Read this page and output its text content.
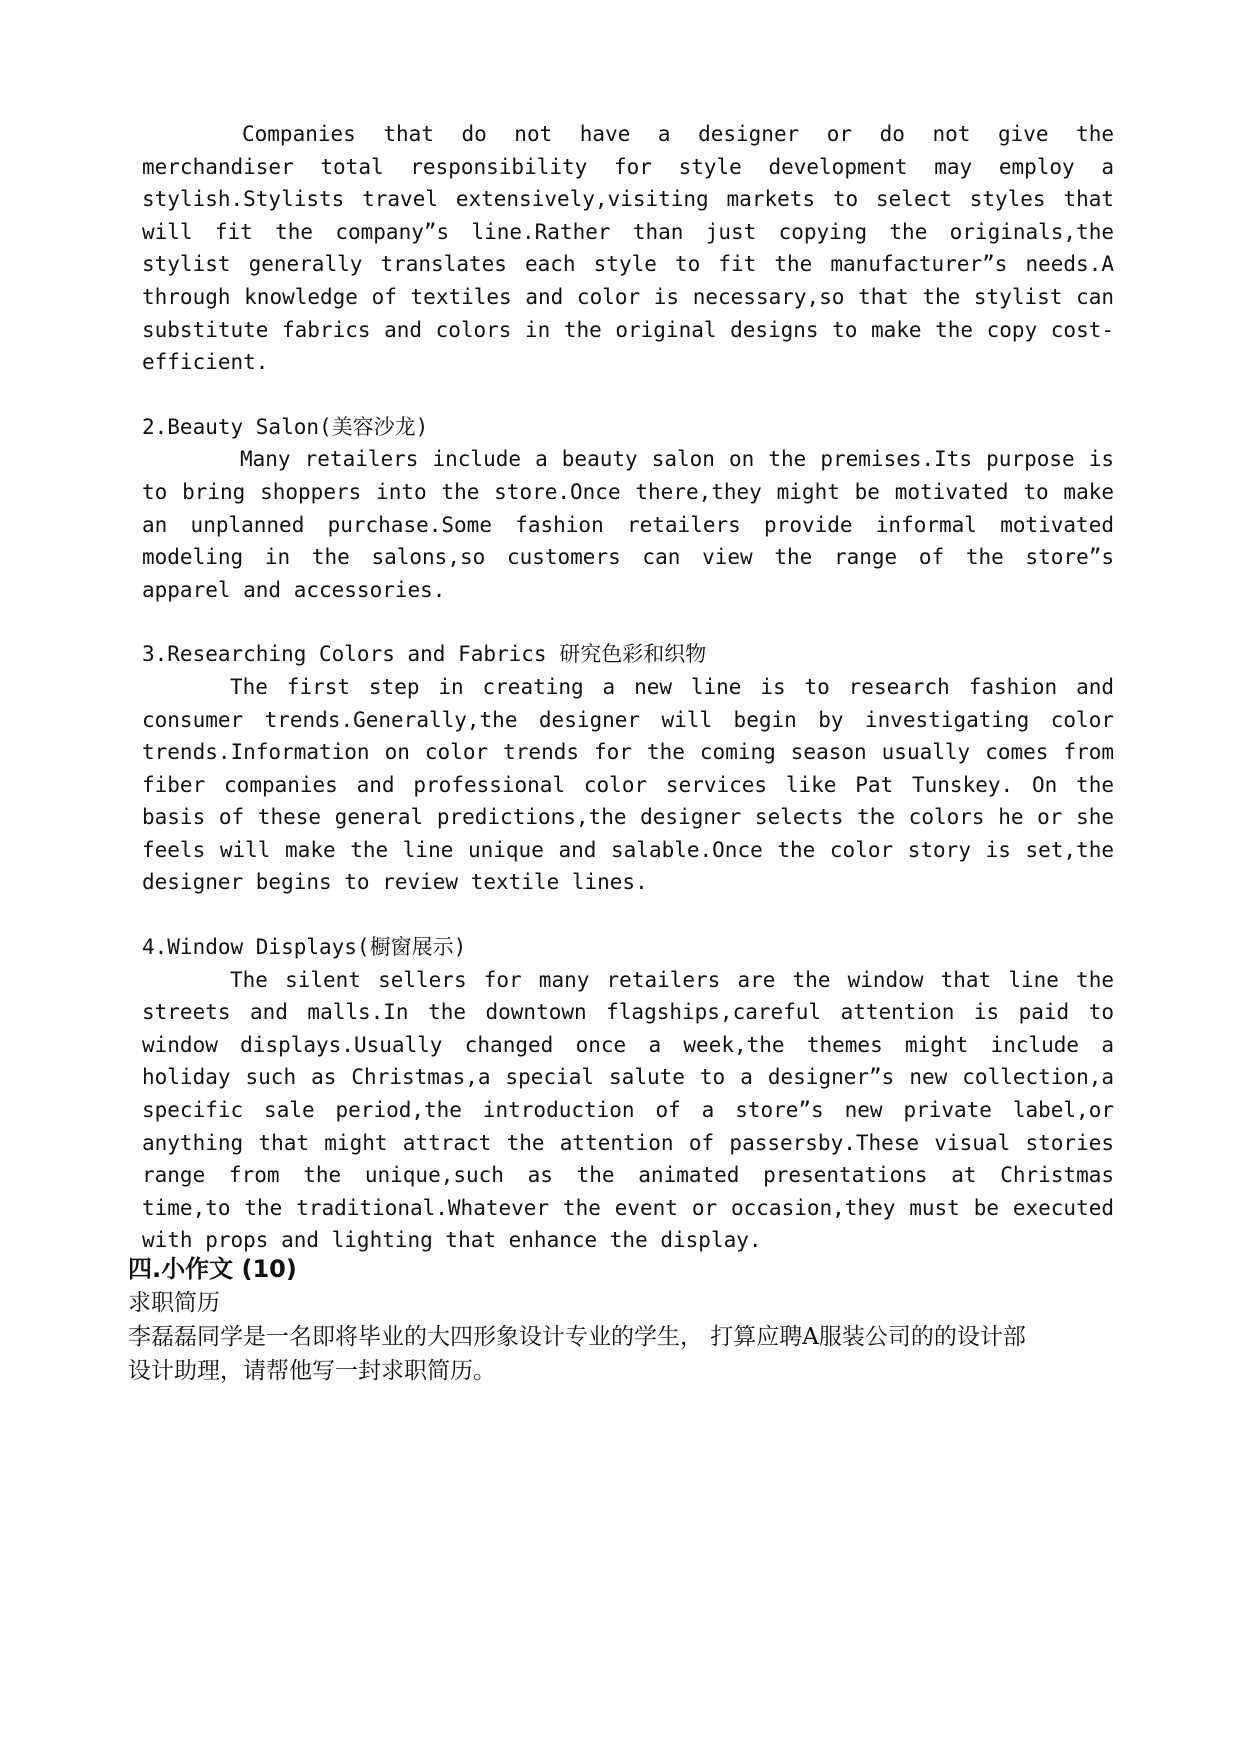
Companies that do not have a designer or do not give the merchandiser total responsibility for style development may employ a stylish.Stylists travel extensively,visiting markets to select styles that will fit the company”s line.Rather than just copying the originals,the stylist generally translates each style to fit the manufacturer”s needs.A through knowledge of textiles and color is necessary,so that the stylist can substitute fabrics and colors in the original designs to make the copy cost-efficient.

2.Beauty Salon(美容沙龙)

Many retailers include a beauty salon on the premises.Its purpose is to bring shoppers into the store.Once there,they might be motivated to make an unplanned purchase.Some fashion retailers provide informal motivated modeling in the salons,so customers can view the range of the store”s apparel and accessories.

3.Researching Colors and Fabrics 研究色彩和织物

The first step in creating a new line is to research fashion and consumer trends.Generally,the designer will begin by investigating color trends.Information on color trends for the coming season usually comes from fiber companies and professional color services like Pat Tunskey. On the basis of these general predictions,the designer selects the colors he or she feels will make the line unique and salable.Once the color story is set,the designer begins to review textile lines.

4.Window Displays(橱窗展示)

The silent sellers for many retailers are the window that line the streets and malls.In the downtown flagships,careful attention is paid to window displays.Usually changed once a week,the themes might include a holiday such as Christmas,a special salute to a designer”s new collection,a specific sale period,the introduction of a store”s new private label,or anything that might attract the attention of passersby.These visual stories range from the unique,such as the animated presentations at Christmas time,to the traditional.Whatever the event or occasion,they must be executed with props and lighting that enhance the display.

四.小作文 (10)

求职简历

李磊磊同学是一名即将毕业的大四形象设计专业的学生， 打算应聘A服装公司的的设计部

设计助理，请帮他写一封求职简历。
